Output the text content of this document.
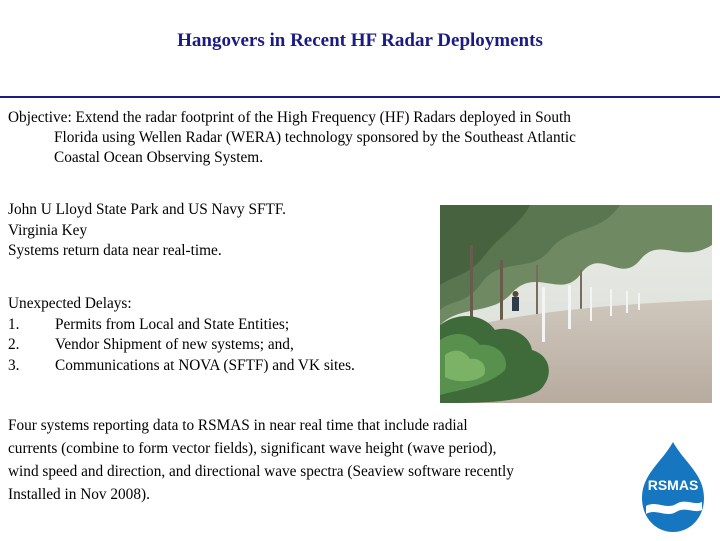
Hangovers in Recent HF Radar Deployments
Objective: Extend the radar footprint of the High Frequency (HF) Radars deployed in South
Florida using Wellen Radar (WERA) technology sponsored by the Southeast Atlantic
Coastal Ocean Observing System.
John U Lloyd State Park and US Navy SFTF.
Virginia Key
Systems return data near real-time.
Unexpected Delays:
1.	Permits from Local and State Entities;
2.	Vendor Shipment of new systems; and,
3.	Communications at NOVA (SFTF) and VK sites.
Four systems reporting data to RSMAS in near real time that include radial
currents (combine to form vector fields), significant wave height (wave period),
wind speed and direction, and directional wave spectra (Seaview software recently
Installed in Nov 2008).
RSMAS
